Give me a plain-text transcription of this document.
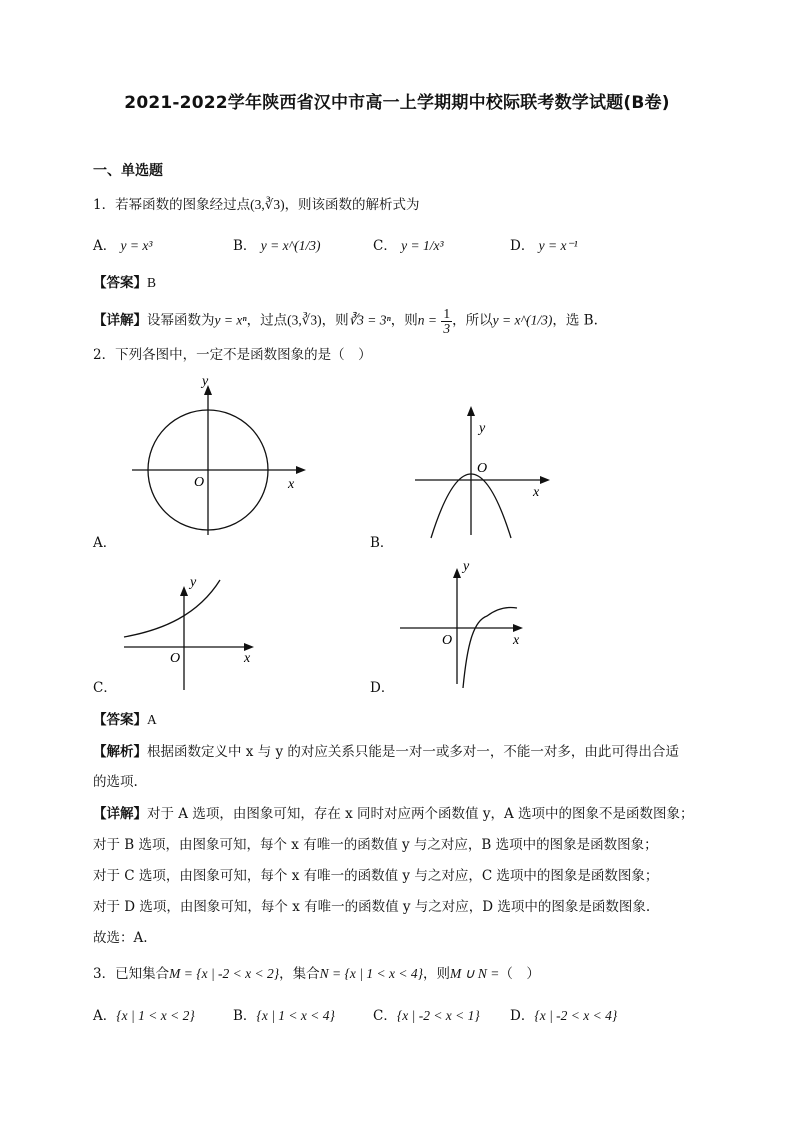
2021-2022学年陕西省汉中市高一上学期期中校际联考数学试题(B卷)
一、单选题
1．若幂函数的图象经过点(3,∛3)，则该函数的解析式为
A． y = x³	B． y = x^(1/3)	C． y = 1/x³	D． y = x⁻¹
【答案】B
【详解】设幂函数为y = xⁿ，过点(3,∛3)，则∛3 = 3ⁿ，则$n = \frac{1}{3}$ ，所以y = x^(1/3)，选 B.
2．下列各图中，一定不是函数图象的是（　）
x
y
O
A．
x
y
O
B．
x
y
O
C．
x
y
O
D．
【答案】A
【解析】根据函数定义中 x 与 y 的对应关系只能是一对一或多对一，不能一对多，由此可得出合适
的选项.
【详解】对于 A 选项，由图象可知，存在 x 同时对应两个函数值 y，A 选项中的图象不是函数图象；
对于 B 选项，由图象可知，每个 x 有唯一的函数值 y 与之对应，B 选项中的图象是函数图象；
对于 C 选项，由图象可知，每个 x 有唯一的函数值 y 与之对应，C 选项中的图象是函数图象；
对于 D 选项，由图象可知，每个 x 有唯一的函数值 y 与之对应，D 选项中的图象是函数图象.
故选：A.
3．已知集合M = {x | -2 < x < 2}，集合N = {x | 1 < x < 4}，则M ∪ N =（　）
A．{x | 1 < x < 2}	B．{x | 1 < x < 4}	C．{x | -2 < x < 1} D．{x | -2 < x < 4}
